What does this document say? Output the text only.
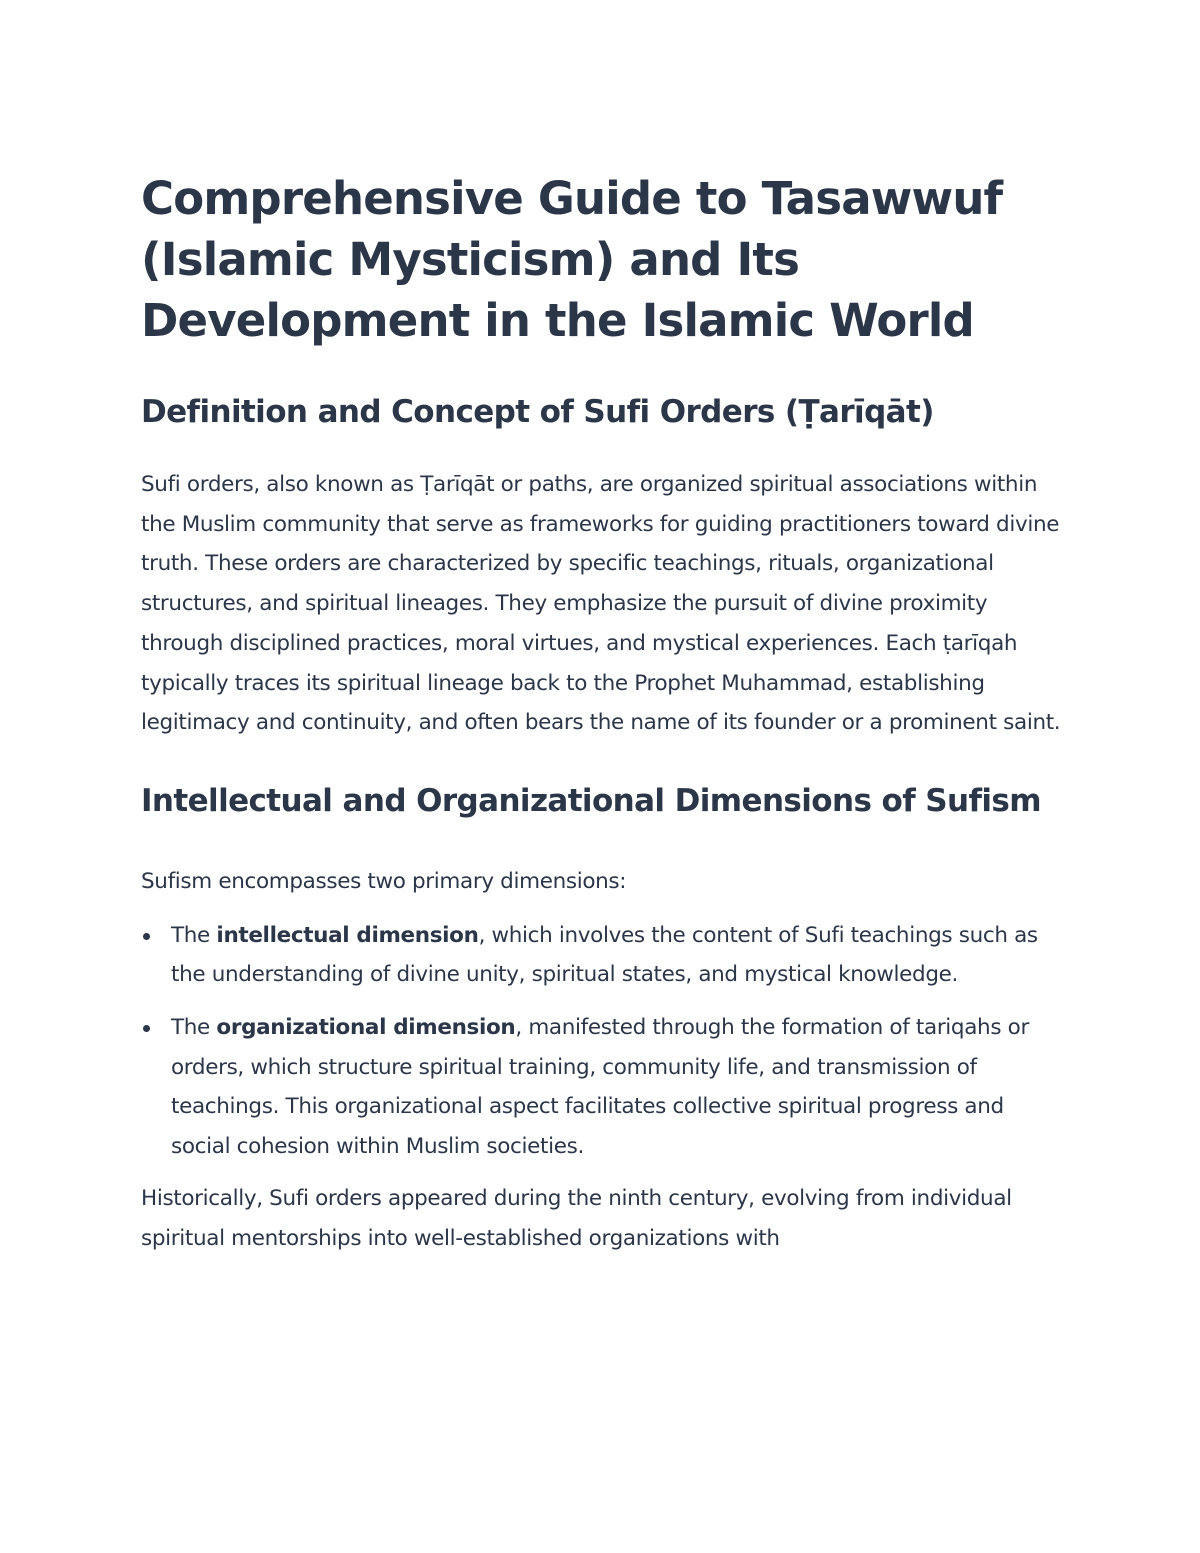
Comprehensive Guide to Tasawwuf (Islamic Mysticism) and Its Development in the Islamic World
Definition and Concept of Sufi Orders (Ṭarīqāt)

Sufi orders, also known as Ṭarīqāt or paths, are organized spiritual associations within the Muslim community that serve as frameworks for guiding practitioners toward divine truth. These orders are characterized by specific teachings, rituals, organizational structures, and spiritual lineages. They emphasize the pursuit of divine proximity through disciplined practices, moral virtues, and mystical experiences. Each ṭarīqah typically traces its spiritual lineage back to the Prophet Muhammad, establishing legitimacy and continuity, and often bears the name of its founder or a prominent saint.

Intellectual and Organizational Dimensions of Sufism

Sufism encompasses two primary dimensions:

The intellectual dimension, which involves the content of Sufi teachings such as the understanding of divine unity, spiritual states, and mystical knowledge.
The organizational dimension, manifested through the formation of tariqahs or orders, which structure spiritual training, community life, and transmission of teachings. This organizational aspect facilitates collective spiritual progress and social cohesion within Muslim societies.

Historically, Sufi orders appeared during the ninth century, evolving from individual spiritual mentorships into well-established organizations with
